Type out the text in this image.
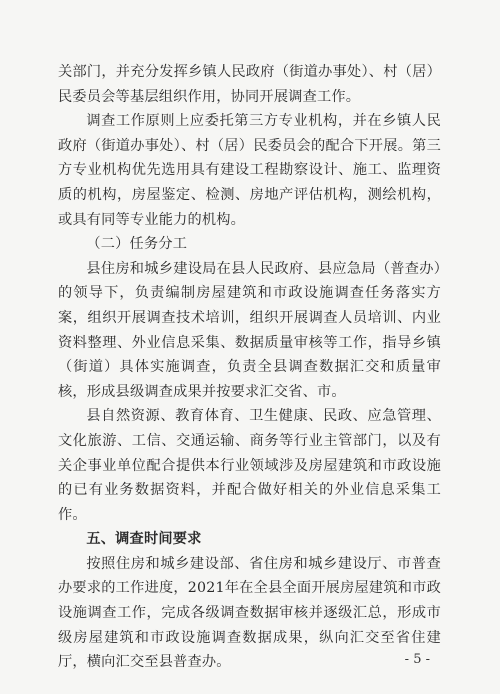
关部门，并充分发挥乡镇人民政府（街道办事处）、村（居）民委员会等基层组织作用，协同开展调查工作。

调查工作原则上应委托第三方专业机构，并在乡镇人民政府（街道办事处）、村（居）民委员会的配合下开展。第三方专业机构优先选用具有建设工程勘察设计、施工、监理资质的机构，房屋鉴定、检测、房地产评估机构，测绘机构，或具有同等专业能力的机构。

（二）任务分工

县住房和城乡建设局在县人民政府、县应急局（普查办）的领导下，负责编制房屋建筑和市政设施调查任务落实方案，组织开展调查技术培训，组织开展调查人员培训、内业资料整理、外业信息采集、数据质量审核等工作，指导乡镇（街道）具体实施调查，负责全县调查数据汇交和质量审核，形成县级调查成果并按要求汇交省、市。

县自然资源、教育体育、卫生健康、民政、应急管理、文化旅游、工信、交通运输、商务等行业主管部门，以及有关企事业单位配合提供本行业领域涉及房屋建筑和市政设施的已有业务数据资料，并配合做好相关的外业信息采集工作。

五、调查时间要求

按照住房和城乡建设部、省住房和城乡建设厅、市普查办要求的工作进度，2021年在全县全面开展房屋建筑和市政设施调查工作，完成各级调查数据审核并逐级汇总，形成市级房屋建筑和市政设施调查数据成果，纵向汇交至省住建厅，横向汇交至县普查办。	- 5 -
